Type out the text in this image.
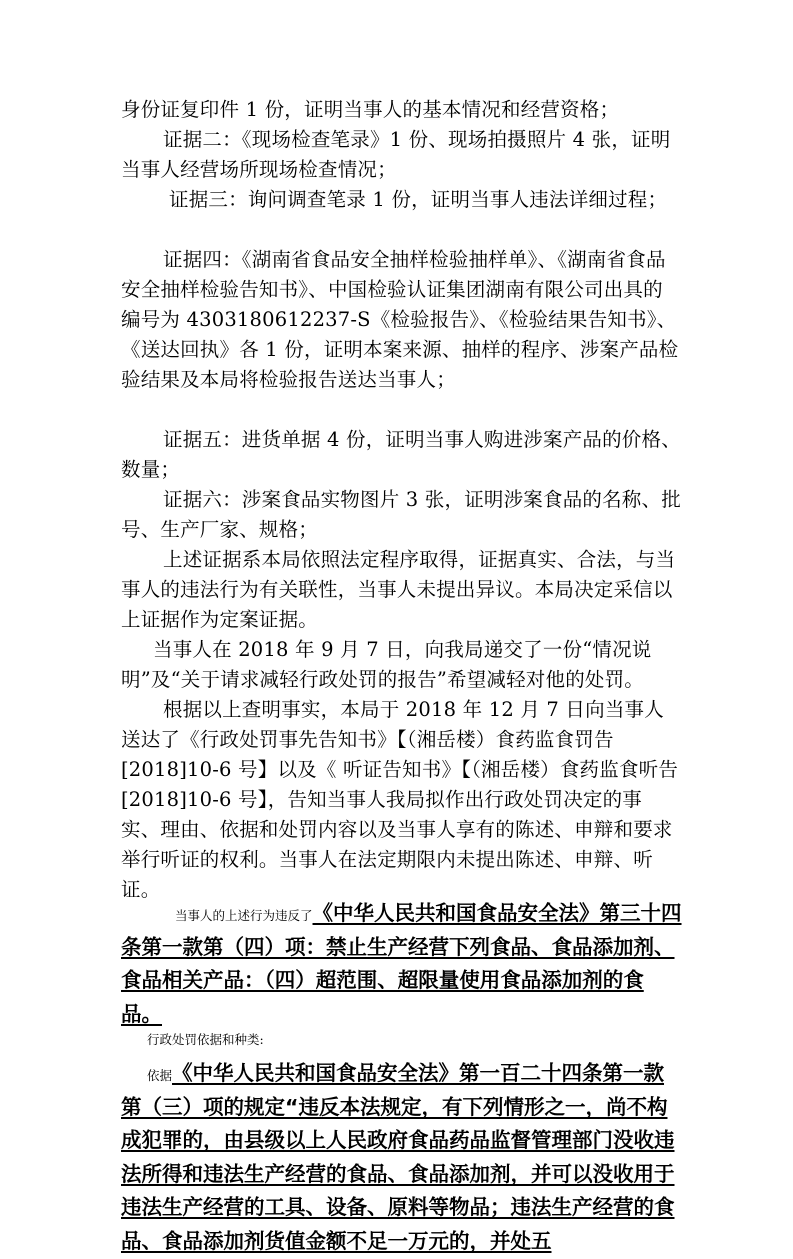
身份证复印件 1 份，证明当事人的基本情况和经营资格；

证据二：《现场检查笔录》1 份、现场拍摄照片 4 张，证明当事人经营场所现场检查情况；

证据三：询问调查笔录 1 份，证明当事人违法详细过程；

证据四：《湖南省食品安全抽样检验抽样单》、《湖南省食品安全抽样检验告知书》、中国检验认证集团湖南有限公司出具的编号为 4303180612237-S《检验报告》、《检验结果告知书》、《送达回执》各 1 份，证明本案来源、抽样的程序、涉案产品检验结果及本局将检验报告送达当事人；

证据五：进货单据 4 份，证明当事人购进涉案产品的价格、数量；

证据六：涉案食品实物图片 3 张，证明涉案食品的名称、批号、生产厂家、规格；

上述证据系本局依照法定程序取得，证据真实、合法，与当事人的违法行为有关联性，当事人未提出异议。本局决定采信以上证据作为定案证据。

当事人在 2018 年 9 月 7 日，向我局递交了一份“情况说明”及“关于请求减轻行政处罚的报告”希望减轻对他的处罚。

根据以上查明事实，本局于 2018 年 12 月 7 日向当事人送达了《行政处罚事先告知书》【（湘岳楼）食药监食罚告[2018]10-6 号】以及《 听证告知书》【（湘岳楼）食药监食听告[2018]10-6 号】，告知当事人我局拟作出行政处罚决定的事实、理由、依据和处罚内容以及当事人享有的陈述、申辩和要求举行听证的权利。当事人在法定期限内未提出陈述、申辩、听证。

当事人的上述行为违反了《中华人民共和国食品安全法》第三十四条第一款第（四）项：禁止生产经营下列食品、食品添加剂、食品相关产品：（四）超范围、超限量使用食品添加剂的食品。

行政处罚依据和种类:

依据《中华人民共和国食品安全法》第一百二十四条第一款第（三）项的规定“违反本法规定，有下列情形之一，尚不构成犯罪的，由县级以上人民政府食品药品监督管理部门没收违法所得和违法生产经营的食品、食品添加剂，并可以没收用于违法生产经营的工具、设备、原料等物品；违法生产经营的食品、食品添加剂货值金额不足一万元的，并处五
